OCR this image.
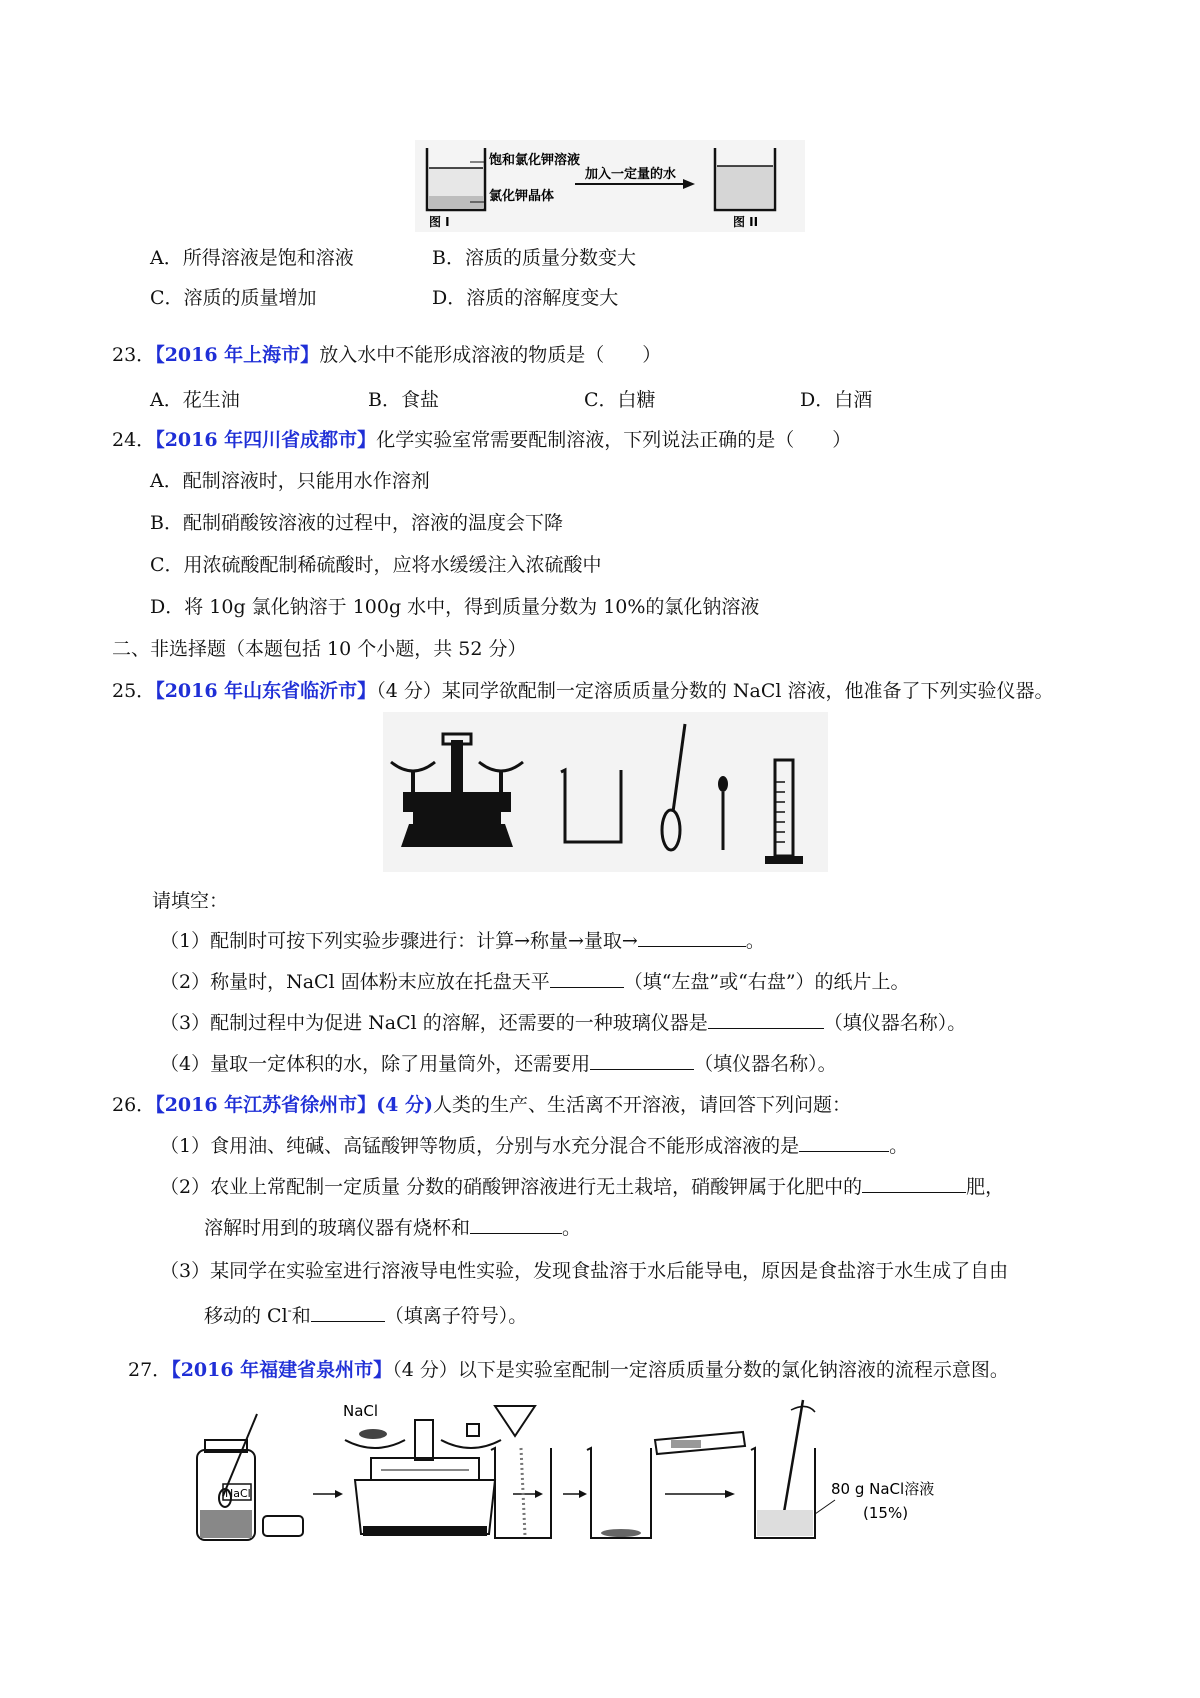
饱和氯化钾溶液
氯化钾晶体
加入一定量的水
图 I	图 II
A．所得溶液是饱和溶液	B．溶质的质量分数变大
C．溶质的质量增加	D．溶质的溶解度变大
23．【2016 年上海市】放入水中不能形成溶液的物质是（　　）
A．花生油	B．食盐	C．白糖	D．白酒
24．【2016 年四川省成都市】化学实验室常需要配制溶液，下列说法正确的是（　　）
A．配制溶液时，只能用水作溶剂
B．配制硝酸铵溶液的过程中，溶液的温度会下降
C．用浓硫酸配制稀硫酸时，应将水缓缓注入浓硫酸中
D．将 10g 氯化钠溶于 100g 水中，得到质量分数为 10%的氯化钠溶液
二、非选择题（本题包括 10 个小题，共 52 分）
25．【2016 年山东省临沂市】（4 分）某同学欲配制一定溶质质量分数的 NaCl 溶液，他准备了下列实验仪器。
请填空：
（1）配制时可按下列实验步骤进行：计算→称量→量取→	。
（2）称量时，NaCl 固体粉末应放在托盘天平	（填“左盘”或“右盘”）的纸片上。
（3）配制过程中为促进 NaCl 的溶解，还需要的一种玻璃仪器是	（填仪器名称）。
（4）量取一定体积的水，除了用量筒外，还需要用	（填仪器名称）。
26．【2016 年江苏省徐州市】(4 分)人类的生产、生活离不开溶液，请回答下列问题：
（1）食用油、纯碱、高锰酸钾等物质，分别与水充分混合不能形成溶液的是	。
（2）农业上常配制一定质量 分数的硝酸钾溶液进行无土栽培，硝酸钾属于化肥中的	肥，
溶解时用到的玻璃仪器有烧杯和	。
（3）某同学在实验室进行溶液导电性实验，发现食盐溶于水后能导电，原因是食盐溶于水生成了自由
移动的 Cl-和	（填离子符号）。
27．【2016 年福建省泉州市】（4 分）以下是实验室配制一定溶质质量分数的氯化钠溶液的流程示意图。
NaCl
NaCl
80 g NaCl溶液
(15%)
